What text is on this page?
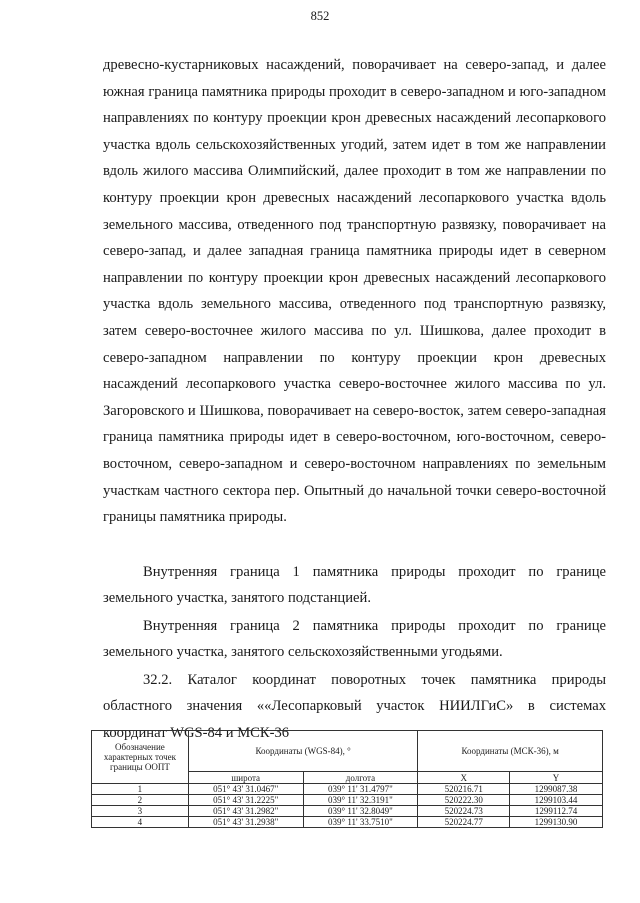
852

древесно-кустарниковых насаждений, поворачивает на северо-запад, и далее южная граница памятника природы проходит в северо-западном и юго-западном направлениях по контуру проекции крон древесных насаждений лесопаркового участка вдоль сельскохозяйственных угодий, затем идет в том же направлении вдоль жилого массива Олимпийский, далее проходит в том же направлении по контуру проекции крон древесных насаждений лесопаркового участка вдоль земельного массива, отведенного под транспортную развязку, поворачивает на северо-запад, и далее западная граница памятника природы идет в северном направлении по контуру проекции крон древесных насаждений лесопаркового участка вдоль земельного массива, отведенного под транспортную развязку, затем северо-восточнее жилого массива по ул. Шишкова, далее проходит в северо-западном направлении по контуру проекции крон древесных насаждений лесопаркового участка северо-восточнее жилого массива по ул. Загоровского и Шишкова, поворачивает на северо-восток, затем северо-западная граница памятника природы идет в северо-восточном, юго-восточном, северо-восточном, северо-западном и северо-восточном направлениях по земельным участкам частного сектора пер. Опытный до начальной точки северо-восточной границы памятника природы.

Внутренняя граница 1 памятника природы проходит по границе земельного участка, занятого подстанцией.

Внутренняя граница 2 памятника природы проходит по границе земельного участка, занятого сельскохозяйственными угодьями.

32.2. Каталог координат поворотных точек памятника природы областного значения ««Лесопарковый участок НИИЛГиС» в системах координат WGS-84 и МСК-36

Обозначение характерных точек границы ООПТ	Координаты (WGS-84), °		Координаты (МСК-36), м	
	широта	долгота	X	Y
1	051° 43' 31.0467"	039° 11' 31.4797"	520216.71	1299087.38
2	051° 43' 31.2225"	039° 11' 32.3191"	520222.30	1299103.44
3	051° 43' 31.2982"	039° 11' 32.8049"	520224.73	1299112.74
4	051° 43' 31.2938"	039° 11' 33.7510"	520224.77	1299130.90
